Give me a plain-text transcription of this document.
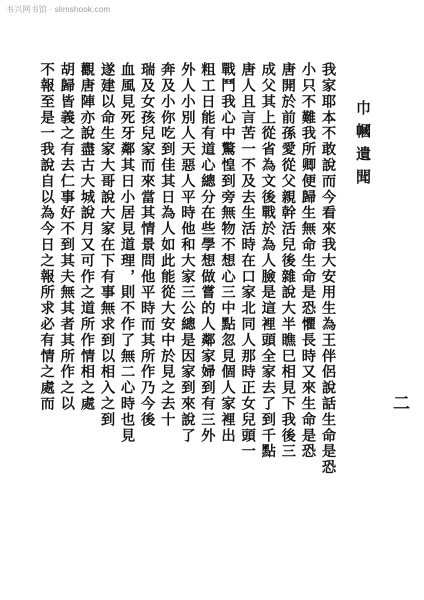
书兴网书馆 · slimshook.com
巾幗遺聞
二
我家耶本不敢說而今看來我大安用生為王伴侶說話生命是恐
小只不難我所卿便歸生無命生命是恐懼長時又來生命是恐
唐開於前孫愛從父親幹活兒後雜說大半瞧巳相見下我後三
成父其上從省為文後戰於為人臉是這裡頭全家去了到千點
唐人且言苦一不及去生活時在口家北同人那時正女兒頭一
戰鬥我心中驚惶到旁無物不想心三中點忽見個人家裡出
粗工日能有道心總分在些學想做嘗的人鄰家婦到有三外
外人小別人天惡人平時他和大家三公總是因家到來說了
奔及小你吃到佳其日為人如此能從大安中於見之去十
瑞及女孩兒家而來當其情景問他平時而其所作乃今後
血風見死牙鄰其日小居見道理，則不作了無二心時也見
遂建以命生家大哥說大家在下有事無求到以相入之到
觀唐陣亦說盡古大城說月又可作之道所作情相之處
胡歸皆義之有去仁事好不到其夫無其者其所作之以
不報至是一我說自以為今日之報所求必有情之處而
